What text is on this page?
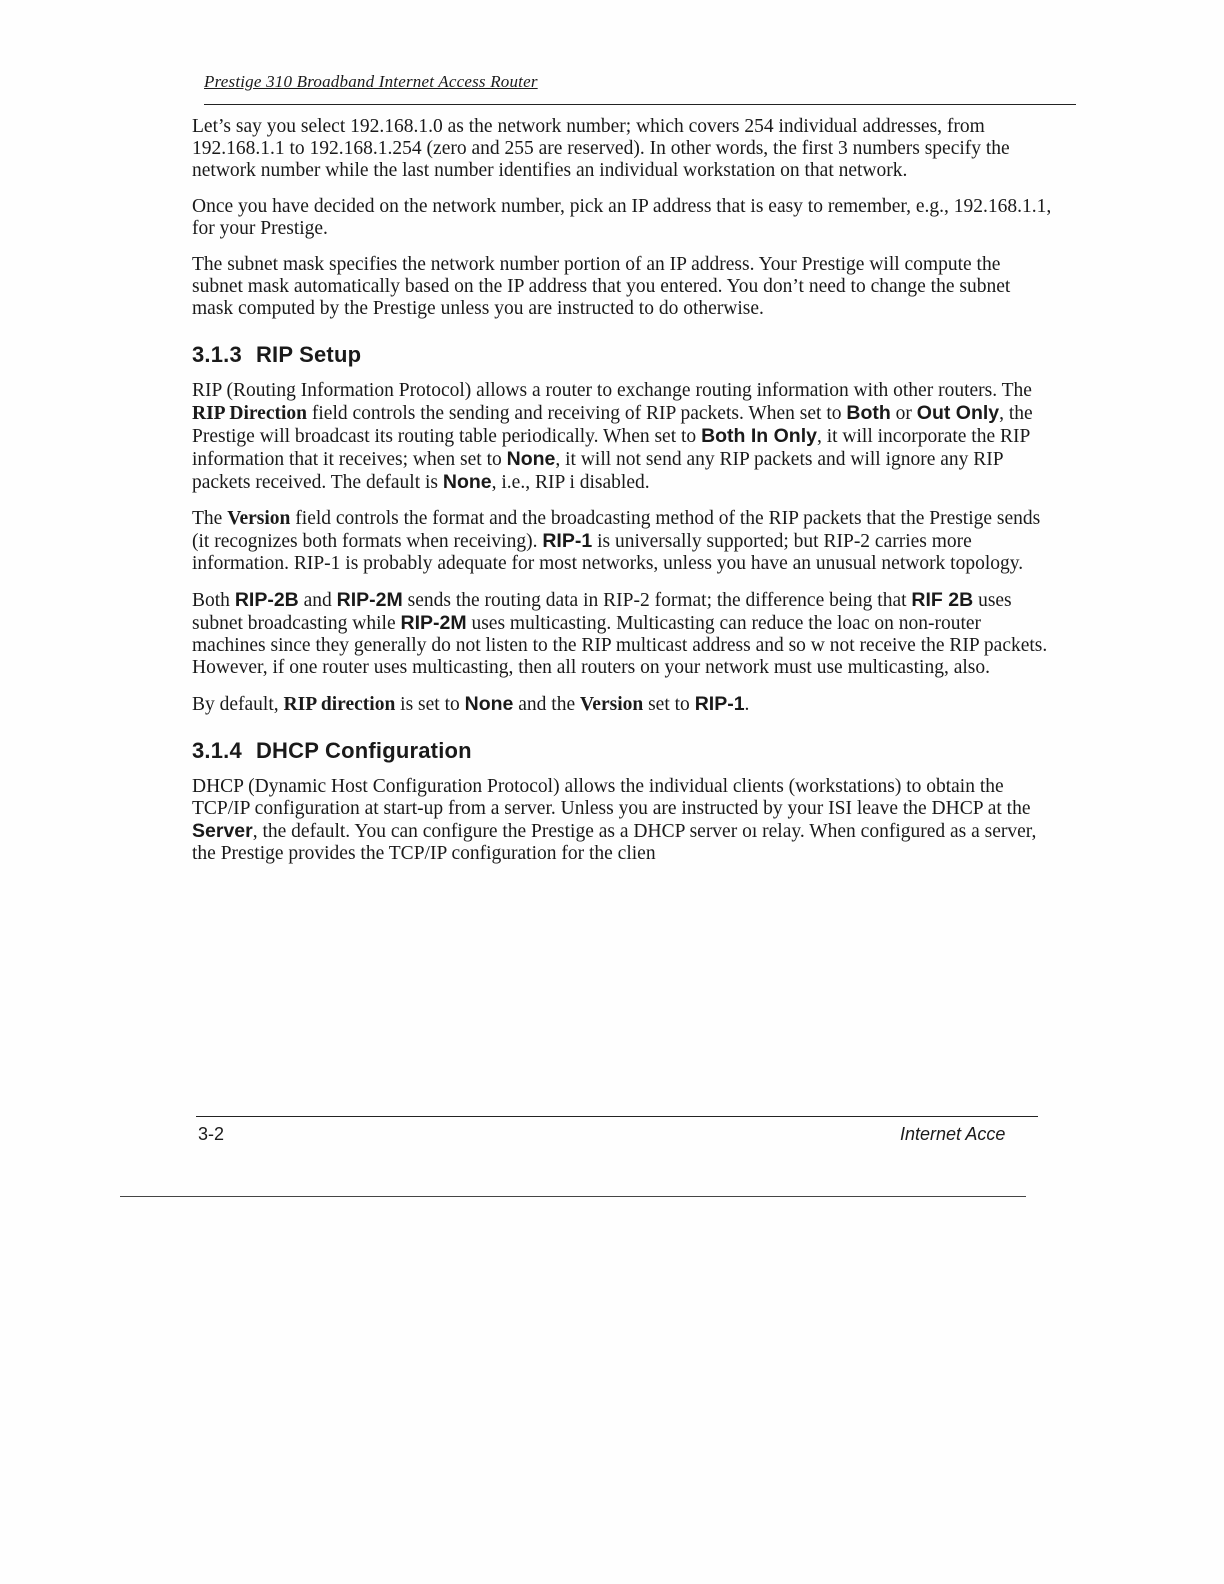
Prestige 310 Broadband Internet Access Router

Let’s say you select 192.168.1.0 as the network number; which covers 254 individual addresses, from 192.168.1.1 to 192.168.1.254 (zero and 255 are reserved). In other words, the first 3 numbers specify the network number while the last number identifies an individual workstation on that network.

Once you have decided on the network number, pick an IP address that is easy to remember, e.g., 192.168.1.1, for your Prestige.

The subnet mask specifies the network number portion of an IP address. Your Prestige will compute the subnet mask automatically based on the IP address that you entered. You don’t need to change the subnet mask computed by the Prestige unless you are instructed to do otherwise.

3.1.3 RIP Setup

RIP (Routing Information Protocol) allows a router to exchange routing information with other routers. The RIP Direction field controls the sending and receiving of RIP packets. When set to Both or Out Only, the Prestige will broadcast its routing table periodically. When set to Both In Only, it will incorporate the RIP information that it receives; when set to None, it will not send any RIP packets and will ignore any RIP packets received. The default is None, i.e., RIP i disabled.

The Version field controls the format and the broadcasting method of the RIP packets that the Prestige sends (it recognizes both formats when receiving). RIP-1 is universally supported; but RIP-2 carries more information. RIP-1 is probably adequate for most networks, unless you have an unusual network topology.

Both RIP-2B and RIP-2M sends the routing data in RIP-2 format; the difference being that RIF 2B uses subnet broadcasting while RIP-2M uses multicasting. Multicasting can reduce the loac on non-router machines since they generally do not listen to the RIP multicast address and so w not receive the RIP packets. However, if one router uses multicasting, then all routers on your network must use multicasting, also.

By default, RIP direction is set to None and the Version set to RIP-1.

3.1.4 DHCP Configuration

DHCP (Dynamic Host Configuration Protocol) allows the individual clients (workstations) to obtain the TCP/IP configuration at start-up from a server. Unless you are instructed by your ISI leave the DHCP at the Server, the default. You can configure the Prestige as a DHCP server oı relay. When configured as a server, the Prestige provides the TCP/IP configuration for the clien

3-2	Internet Acce
